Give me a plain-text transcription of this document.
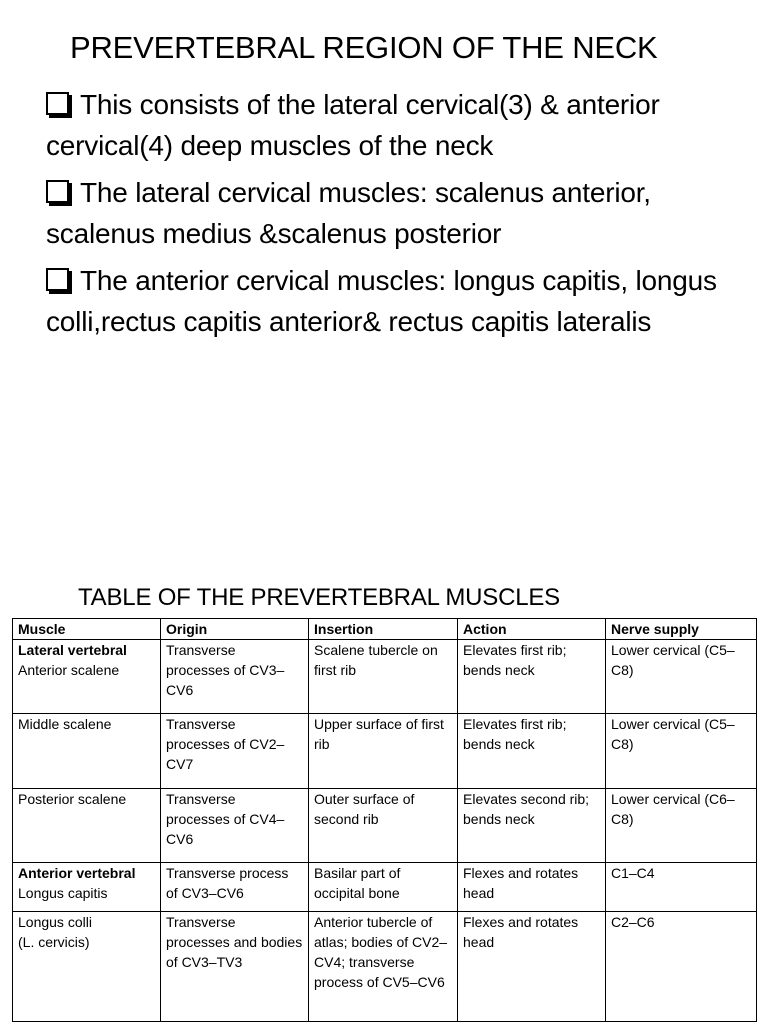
PREVERTEBRAL REGION OF THE NECK
This consists of the lateral cervical(3) & anterior cervical(4) deep muscles of the neck
The lateral cervical muscles: scalenus anterior, scalenus medius &scalenus posterior
The anterior cervical muscles: longus capitis, longus colli,rectus capitis anterior& rectus capitis lateralis
TABLE OF THE PREVERTEBRAL MUSCLES
Muscle	Origin	Insertion	Action	Nerve supply

Lateral vertebral
Anterior scalene	Transverse processes of CV3–CV6	Scalene tubercle on first rib	Elevates first rib; bends neck	Lower cervical (C5–C8)

Middle scalene	Transverse processes of CV2–CV7	Upper surface of first rib	Elevates first rib; bends neck	Lower cervical (C5–C8)

Posterior scalene	Transverse processes of CV4–CV6	Outer surface of second rib	Elevates second rib; bends neck	Lower cervical (C6–C8)

Anterior vertebral
Longus capitis	Transverse process of CV3–CV6	Basilar part of occipital bone	Flexes and rotates head	C1–C4

Longus colli
(L. cervicis)	Transverse processes and bodies of CV3–TV3	Anterior tubercle of atlas; bodies of CV2–CV4; transverse process of CV5–CV6	Flexes and rotates head	C2–C6
